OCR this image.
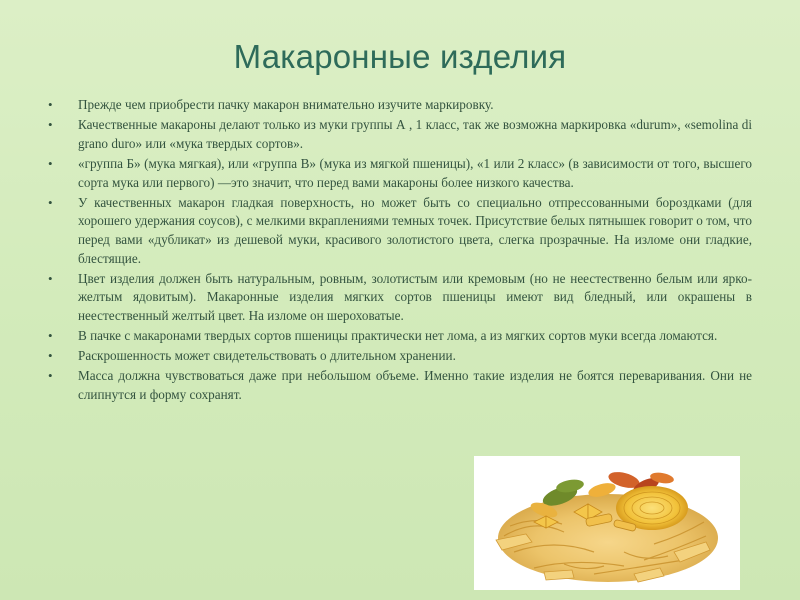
Макаронные изделия
•	Прежде чем приобрести пачку макарон внимательно изучите маркировку.
•	Качественные макароны делают только из муки группы А , 1 класс, так же возможна маркировка «durum», «semolina di grano duro» или «мука твердых сортов».
•	«группа Б» (мука мягкая), или «группа В» (мука из мягкой пшеницы), «1 или 2 класс» (в зависимости от того, высшего сорта мука или первого) —это значит, что перед вами макароны более низкого качества.
•	У качественных макарон гладкая поверхность, но может быть со специально отпрессованными бороздками (для хорошего удержания соусов), с мелкими вкраплениями темных точек. Присутствие белых пятнышек говорит о том, что перед вами «дубликат» из дешевой муки, красивого золотистого цвета, слегка прозрачные. На изломе они гладкие, блестящие.
•	Цвет изделия должен быть натуральным, ровным, золотистым или кремовым (но не неестественно белым или ярко-желтым ядовитым). Макаронные изделия мягких сортов пшеницы имеют вид бледный, или окрашены в неестественный желтый цвет. На изломе он шероховатые.
•	В пачке с макаронами твердых сортов пшеницы практически нет лома, а из мягких сортов муки всегда ломаются.
•	Раскрошенность может свидетельствовать о длительном хранении.
•	Масса должна чувствоваться даже при небольшом объеме. Именно такие изделия не боятся переваривания. Они не слипнутся и форму сохранят.
